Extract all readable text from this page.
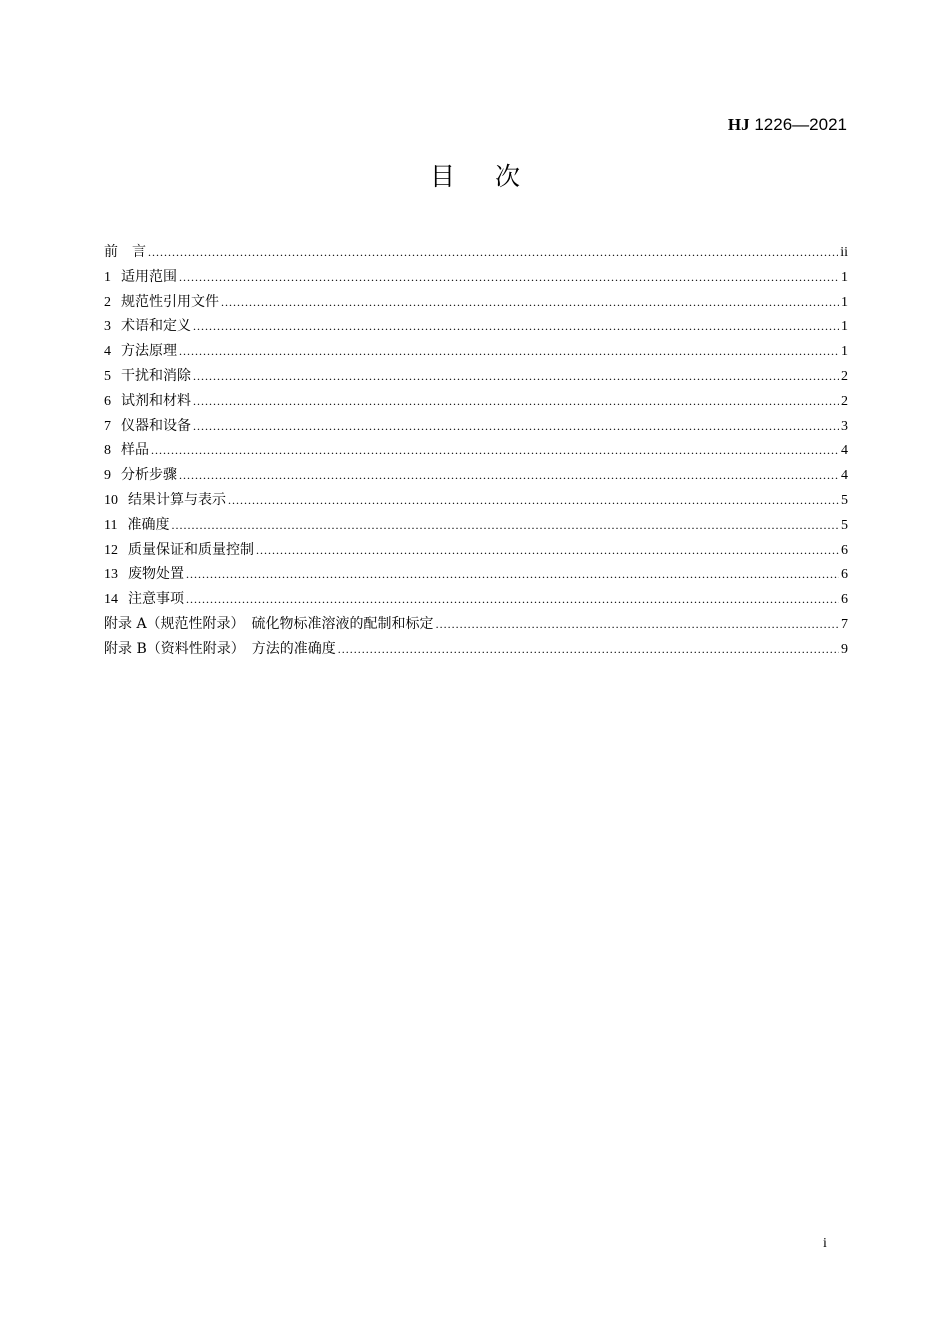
HJ 1226—2021
目次
前　言 .....	ii
1 适用范围 .....	1
2 规范性引用文件 .....	1
3 术语和定义 .....	1
4 方法原理 .....	1
5 干扰和消除 .....	2
6 试剂和材料 .....	2
7 仪器和设备 .....	3
8 样品 .....	4
9 分析步骤 .....	4
10 结果计算与表示 .....	5
11 准确度 .....	5
12 质量保证和质量控制 .....	6
13 废物处置 .....	6
14 注意事项 .....	6
附录 A（规范性附录）　硫化物标准溶液的配制和标定 .....	7
附录 B（资料性附录）　方法的准确度 .....	9
i
